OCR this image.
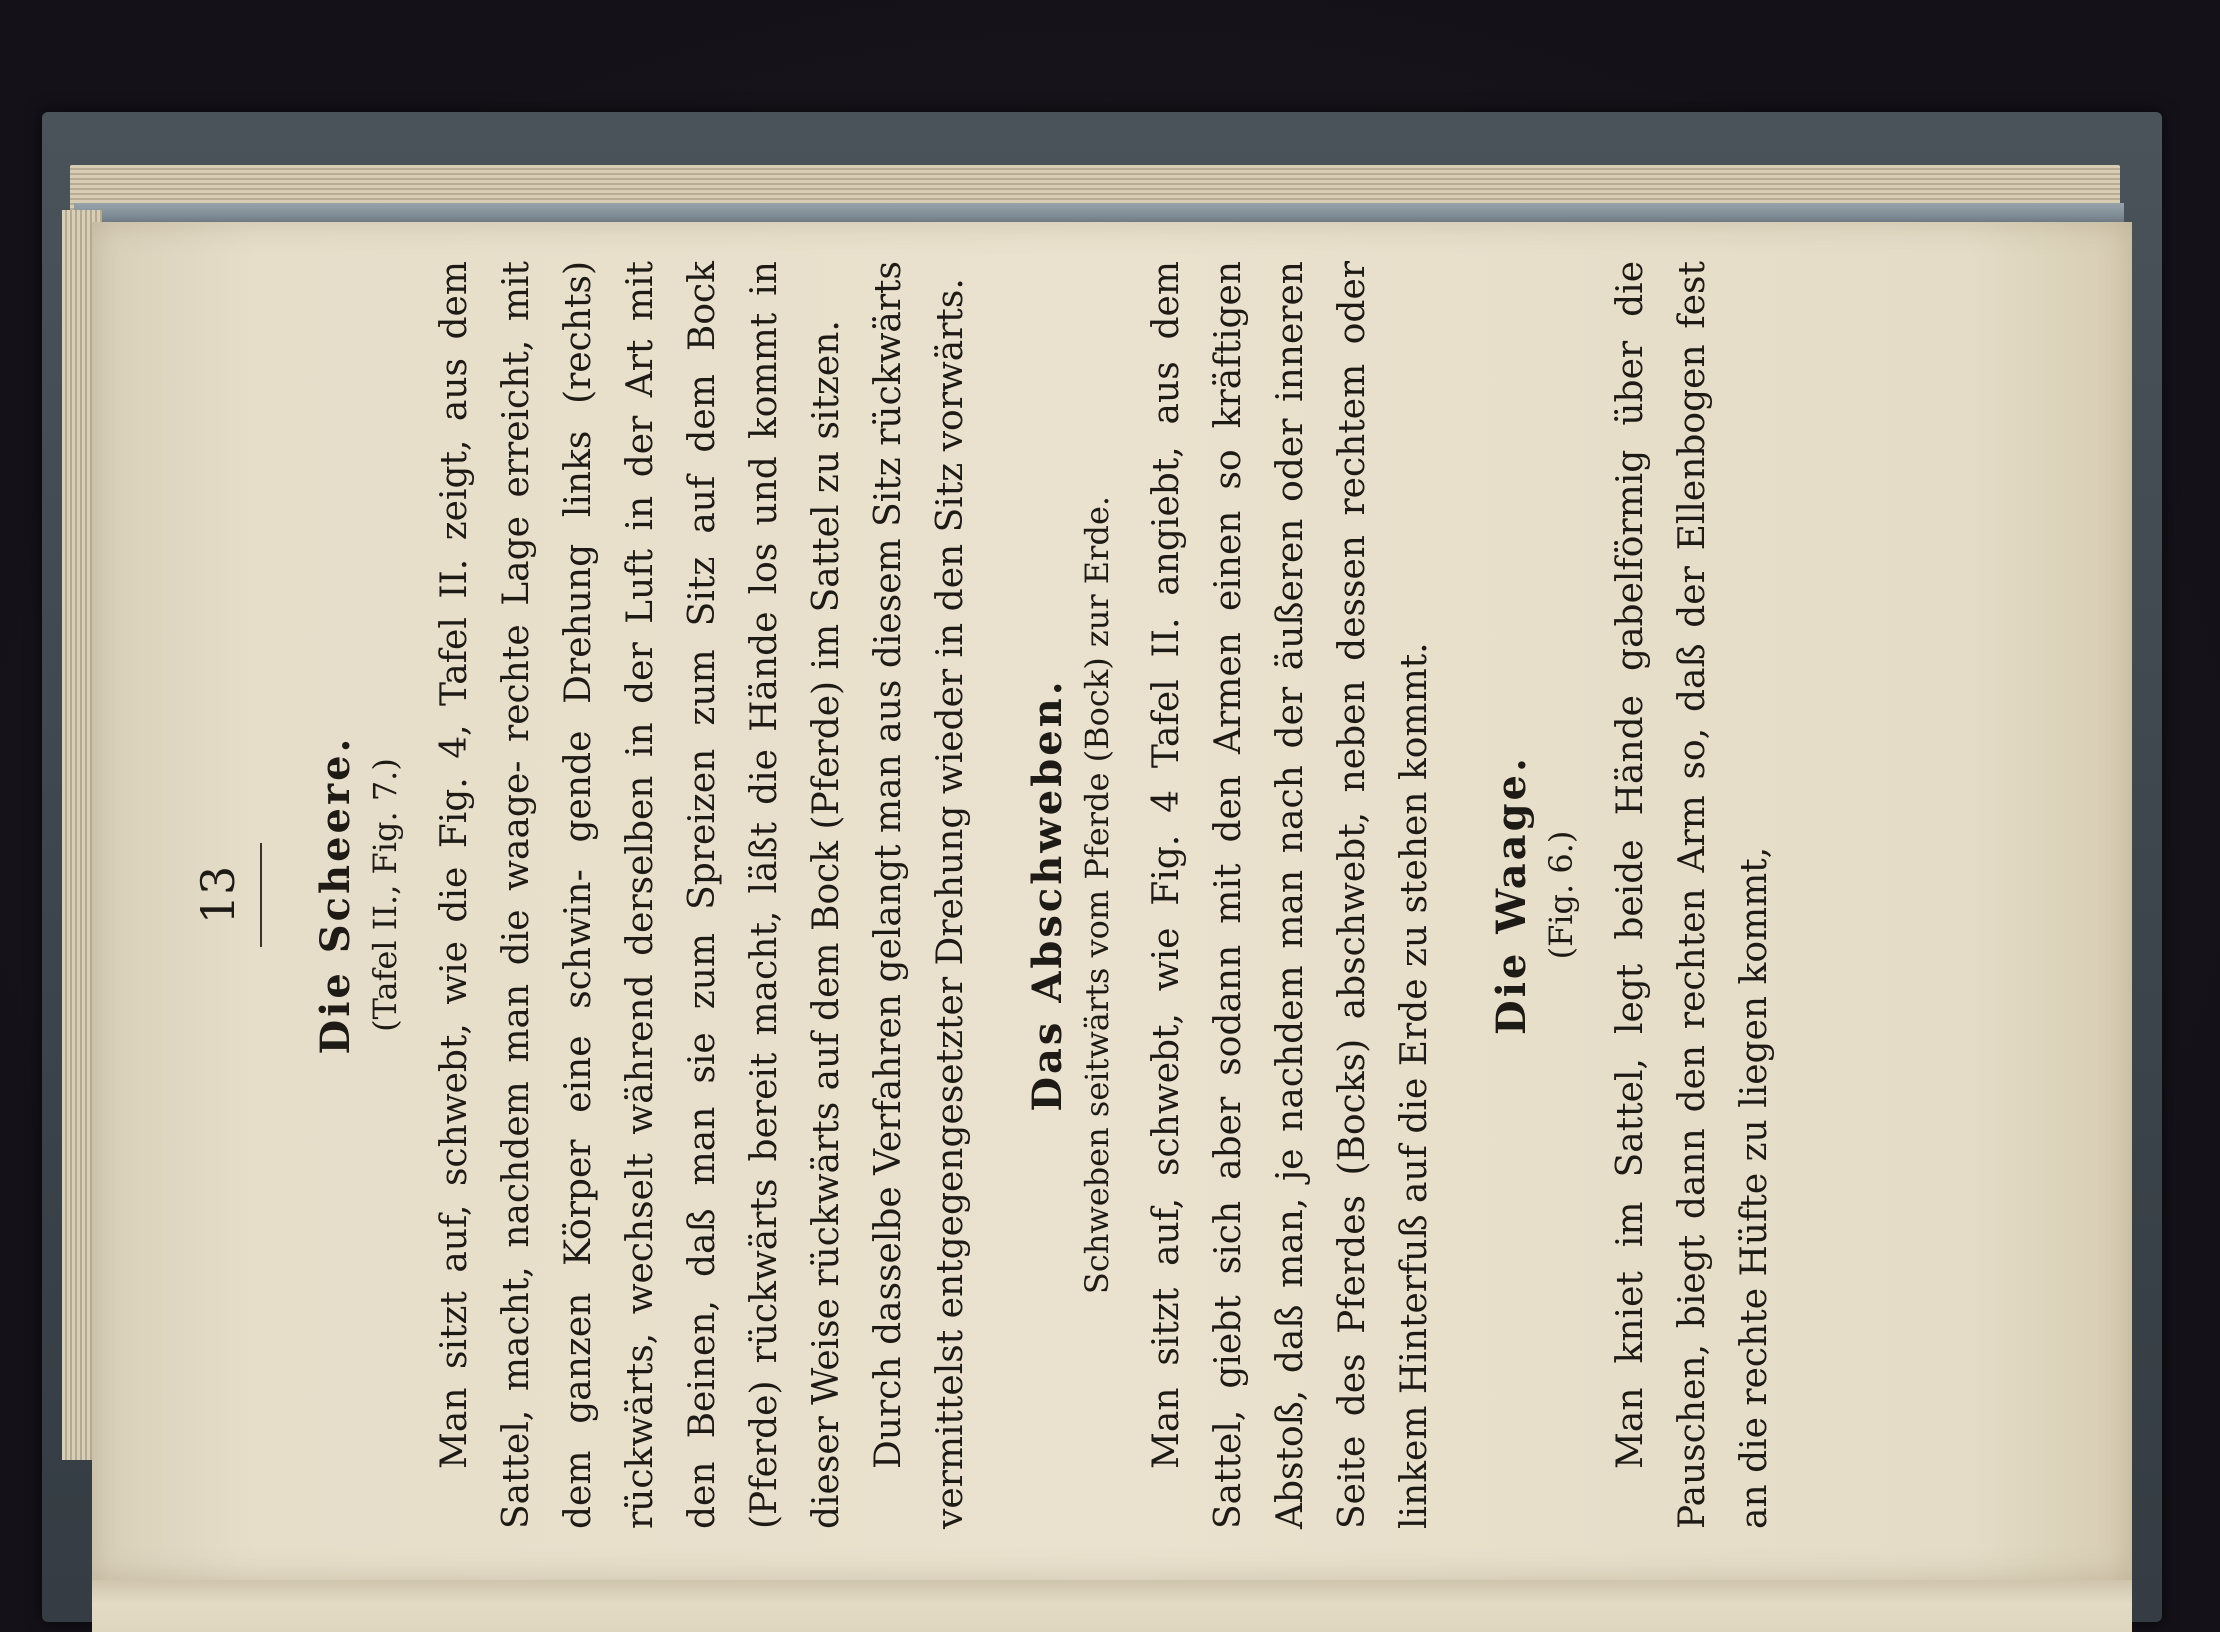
13 Die Scheere. (Tafel II., Fig. 7.) Man sitzt auf, schwebt, wie die Fig. 4, Tafel II. zeigt, aus dem Sattel, macht, nachdem man die waage- rechte Lage erreicht, mit dem ganzen Körper eine schwin- gende Drehung links (rechts) rückwärts, wechselt während derselben in der Luft in der Art mit den Beinen, daß man sie zum Spreizen zum Sitz auf dem Bock (Pferde) rückwärts bereit macht, läßt die Hände los und kommt in dieser Weise rückwärts auf dem Bock (Pferde) im Sattel zu sitzen. Durch dasselbe Verfahren gelangt man aus diesem Sitz rückwärts vermittelst entgegengesetzter Drehung wieder in den Sitz vorwärts. Das Abschweben. Schweben seitwärts vom Pferde (Bock) zur Erde. Man sitzt auf, schwebt, wie Fig. 4 Tafel II. angiebt, aus dem Sattel, giebt sich aber sodann mit den Armen einen so kräftigen Abstoß, daß man, je nachdem man nach der äußeren oder inneren Seite des Pferdes (Bocks) abschwebt, neben dessen rechtem oder linkem Hinterfuß auf die Erde zu stehen kommt. Die Waage. (Fig. 6.) Man kniet im Sattel, legt beide Hände gabelförmig über die Pauschen, biegt dann den rechten Arm so, daß der Ellenbogen fest an die rechte Hüfte zu liegen kommt,
